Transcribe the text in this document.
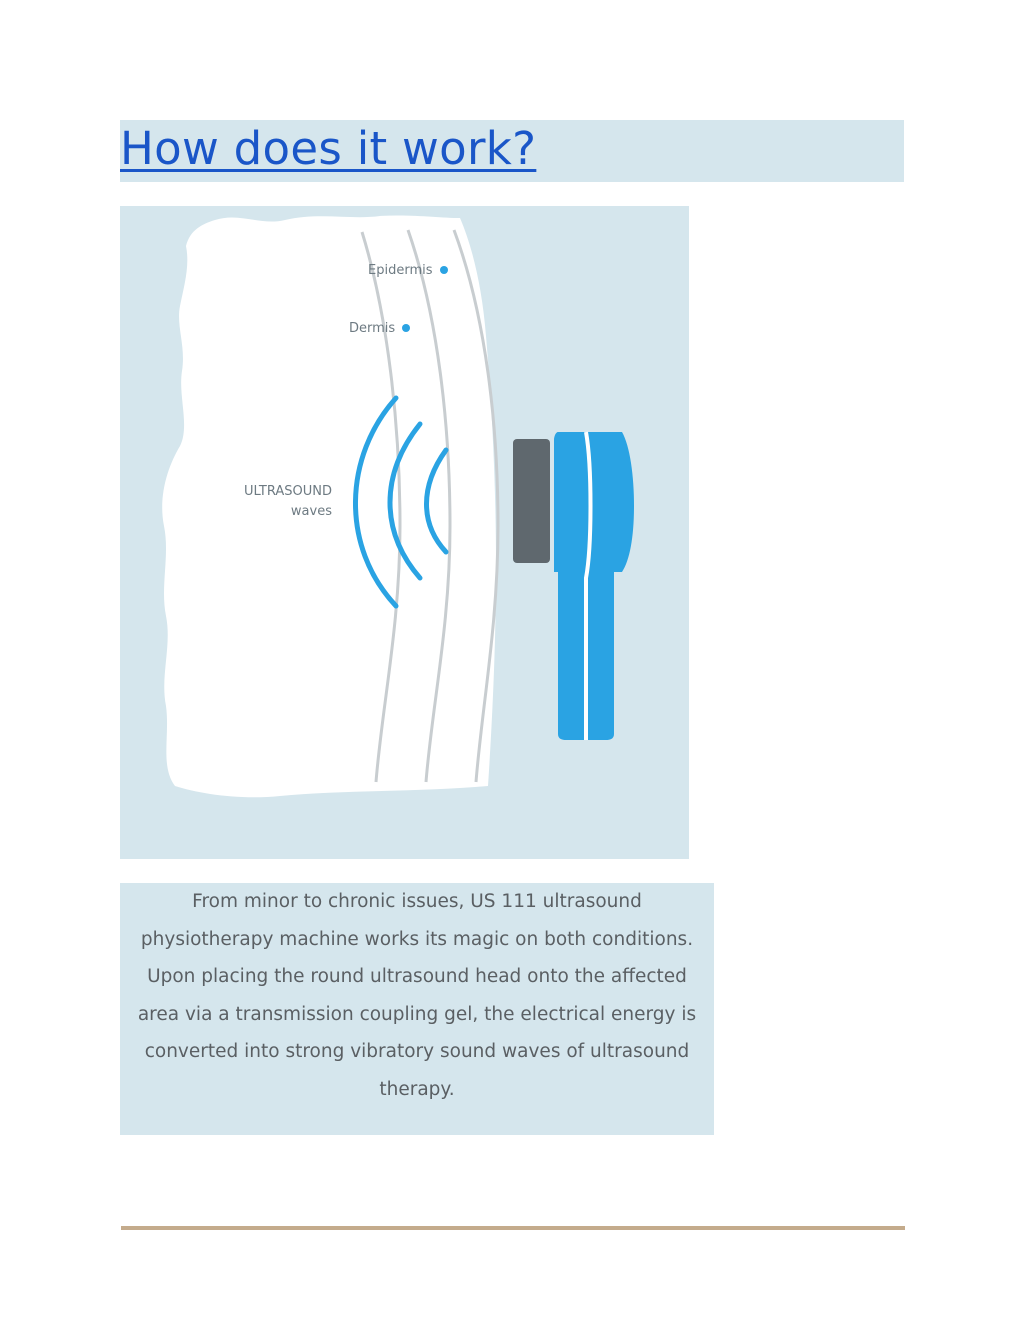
How does it work?
Epidermis
Dermis
ULTRASOUND
waves

From minor to chronic issues, US 111 ultrasound physiotherapy machine works its magic on both conditions. Upon placing the round ultrasound head onto the affected area via a transmission coupling gel, the electrical energy is converted into strong vibratory sound waves of ultrasound therapy.
